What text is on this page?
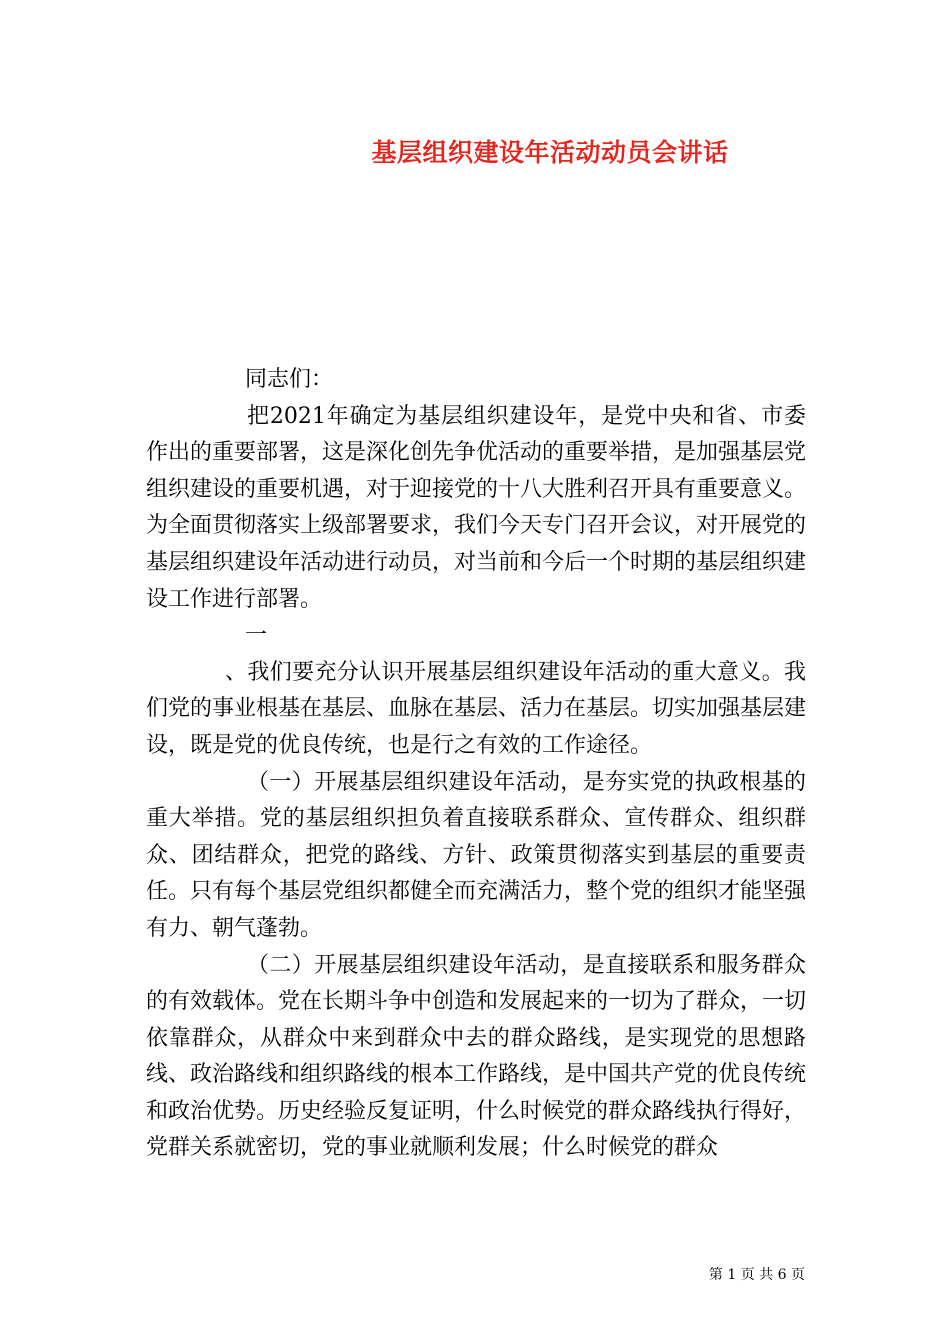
基层组织建设年活动动员会讲话

同志们：

把2021年确定为基层组织建设年，是党中央和省、市委作出的重要部署，这是深化创先争优活动的重要举措，是加强基层党组织建设的重要机遇，对于迎接党的十八大胜利召开具有重要意义。为全面贯彻落实上级部署要求，我们今天专门召开会议，对开展党的基层组织建设年活动进行动员，对当前和今后一个时期的基层组织建设工作进行部署。

一

、我们要充分认识开展基层组织建设年活动的重大意义。我们党的事业根基在基层、血脉在基层、活力在基层。切实加强基层建设，既是党的优良传统，也是行之有效的工作途径。

（一）开展基层组织建设年活动，是夯实党的执政根基的重大举措。党的基层组织担负着直接联系群众、宣传群众、组织群众、团结群众，把党的路线、方针、政策贯彻落实到基层的重要责任。只有每个基层党组织都健全而充满活力，整个党的组织才能坚强有力、朝气蓬勃。

（二）开展基层组织建设年活动，是直接联系和服务群众的有效载体。党在长期斗争中创造和发展起来的一切为了群众，一切依靠群众，从群众中来到群众中去的群众路线，是实现党的思想路线、政治路线和组织路线的根本工作路线，是中国共产党的优良传统和政治优势。历史经验反复证明，什么时候党的群众路线执行得好，党群关系就密切，党的事业就顺利发展；什么时候党的群众

第 1 页 共 6 页
